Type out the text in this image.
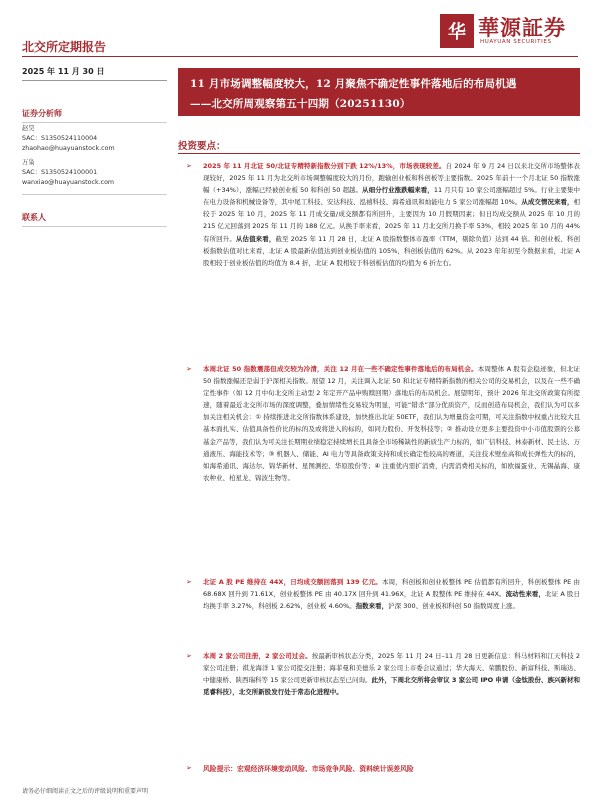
华 華源証券
HUAYUAN SECURITIES
北交所定期报告
2025 年 11 月 30 日
11 月市场调整幅度较大，12 月聚焦不确定性事件落地后的布局机遇
——北交所周观察第五十四期（20251130）
证券分析师
赵昊
SAC：S1350524110004
zhaohao@huayuanstock.com
万枭
SAC：S1350524100001
wanxiao@huayuanstock.com
联系人
投资要点：
➢ 2025 年 11 月北证 50/北证专精特新指数分别下跌 12%/13%，市场表现较差。自 2024 年 9 月 24 日以来北交所市场整体表现较好，2025 年 11 月为北交所市场调整幅度较大的月份，跑输创业板和科创板等主要指数。2025 年前十一个月北证 50 指数涨幅（+34%），涨幅已经被创业板 50 和科创 50 超越。从细分行业涨跌幅来看，11 月只有 10 家公司涨幅超过 5%。行业主要集中在电力设备和机械设备等，其中尾工科技、安达科技、泓禧科技、海希通讯和灿能电力 5 家公司涨幅超 10%。从成交情况来看，相较于 2025 年 10 月，2025 年 11 月成交量/成交额都有所回升，主要因为 10 月假期因素；但日均成交额从 2025 年 10 月的 215 亿元回落到 2025 年 11 月的 188 亿元。从换手率来看，2025 年 11 月北交所月换手率 53%，相较 2025 年 10 月的 44%有所回升。从估值来看，截至 2025 年 11 月 28 日，北证 A 股指数整体市盈率（TTM，剔除负值）达到 44 倍。和创业板、科创板指数估值对比来看，北证 A 股最新估值达到创业板估值的 105%，科创板估值的 62%。从 2023 年年初至今数据来看，北证 A 股相较于创业板估值的均值为 8.4 折，北证 A 股相较于科创板估值的均值为 6 折左右。

➢ 本周北证 50 指数震荡但成交较为冷清，关注 12 月在一些不确定性事件落地后的布局机会。本周整体 A 股有企稳迹象，但北证 50 指数涨幅还是弱于沪深相关指数。展望 12 月，关注调入北证 50 和北证专精特新指数的相关公司的交易机会，以及在一些不确定性事件（如 12 月中旬北交所主动型 2 年定开产品申购赎回期）落地后的布局机会。展望明年，预计 2026 年北交所政策有所提速，随着最近北交所市场的深度调整，叠加情绪性交易较为明显，可能“错杀”部分优质资产，反而创造布局机会，我们认为可以多加关注相关机会：① 持续推进北交所指数体系建设，加快推出北证 50ETF，我们认为增量资金可期，可关注指数中权重占比较大且基本面扎实、估值具备性价比的标的及或将进入的标的，如同力股份、开发科技等；② 推动设立更多主要投资中小市值股票的公募基金产品等，我们认为可关注长期期业绩稳定持续增长且具备全市场稀缺性的新质生产力标的，如广信科技、林泰新材、民士达、万通液压、海能技术等；③ 机器人、储能、AI 电力等具备政策支持和成长确定性较高的赛道，关注技术壁垒高和成长弹性大的标的，如海希通讯、海达尔、锦华新材、星图测控、华原股份等；④ 注重优内需扩消费，内需消费相关标的，如欧福蛋业、无锡晶海、康农种业、柏星龙、锦波生物等。

➢ 北证 A 股 PE 维持在 44X，日均成交额回落到 139 亿元。本周，科创板和创业板整体 PE 估值都有所回升，科创板整体 PE 由 68.68X 回升到 71.61X，创业板整体 PE 由 40.17X 回升到 41.96X，北证 A 股整体 PE 维持在 44X。流动性来看，北证 A 股日均换手率 3.27%，科创板 2.62%，创业板 4.60%。指数来看，沪深 300、创业板和科创 50 指数周度上涨。

➢ 本周 2 家公司注册，2 家公司过会。按最新审核状态分类，2025 年 11 月 24 日–11 月 28 日更新信息：科马材料和江天科技 2 家公司注册；祺龙海洋 1 家公司提交注册；海菲曼和美德乐 2 家公司上市委会议通过；华大海天、荣鹏股份、新富科技、斯瑞达、中健康桥、陕西瑞科等 15 家公司更新审核状态至已问询。此外，下周北交所将会审议 3 家公司 IPO 申请（金钛股份、族兴新材和觅睿科技），北交所新股发行处于常态化进程中。

➢ 风险提示：宏观经济环境变动风险、市场竞争风险、资料统计误差风险
请务必仔细阅读正文之后的评级说明和重要声明
